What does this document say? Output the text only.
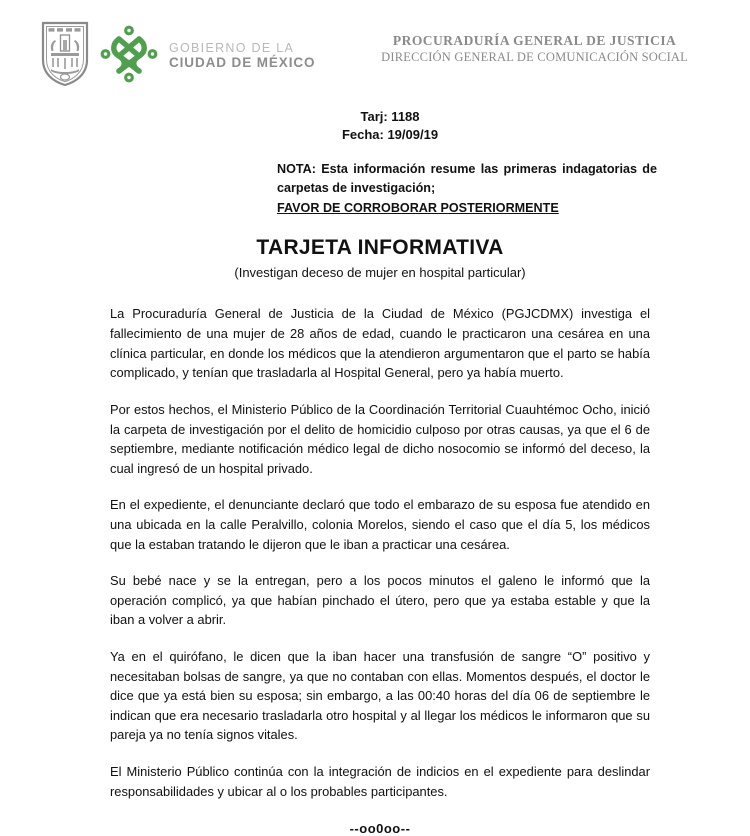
GOBIERNO DE LA
CIUDAD DE MÉXICO
PROCURADURÍA GENERAL DE JUSTICIA
DIRECCIÓN GENERAL DE COMUNICACIÓN SOCIAL
Tarj: 1188
Fecha: 19/09/19
NOTA: Esta información resume las primeras indagatorias de carpetas de investigación;
FAVOR DE CORROBORAR POSTERIORMENTE
TARJETA INFORMATIVA
(Investigan deceso de mujer en hospital particular)

La Procuraduría General de Justicia de la Ciudad de México (PGJCDMX) investiga el fallecimiento de una mujer de 28 años de edad, cuando le practicaron una cesárea en una clínica particular, en donde los médicos que la atendieron argumentaron que el parto se había complicado, y tenían que trasladarla al Hospital General, pero ya había muerto.

Por estos hechos, el Ministerio Público de la Coordinación Territorial Cuauhtémoc Ocho, inició la carpeta de investigación por el delito de homicidio culposo por otras causas, ya que el 6 de septiembre, mediante notificación médico legal de dicho nosocomio se informó del deceso, la cual ingresó de un hospital privado.

En el expediente, el denunciante declaró que todo el embarazo de su esposa fue atendido en una ubicada en la calle Peralvillo, colonia Morelos, siendo el caso que el día 5, los médicos que la estaban tratando le dijeron que le iban a practicar una cesárea.

Su bebé nace y se la entregan, pero a los pocos minutos el galeno le informó que la operación complicó, ya que habían pinchado el útero, pero que ya estaba estable y que la iban a volver a abrir.

Ya en el quirófano, le dicen que la iban hacer una transfusión de sangre “O” positivo y necesitaban bolsas de sangre, ya que no contaban con ellas. Momentos después, el doctor le dice que ya está bien su esposa; sin embargo, a las 00:40 horas del día 06 de septiembre le indican que era necesario trasladarla otro hospital y al llegar los médicos le informaron que su pareja ya no tenía signos vitales.

El Ministerio Público continúa con la integración de indicios en el expediente para deslindar responsabilidades y ubicar al o los probables participantes.

--oo0oo--
